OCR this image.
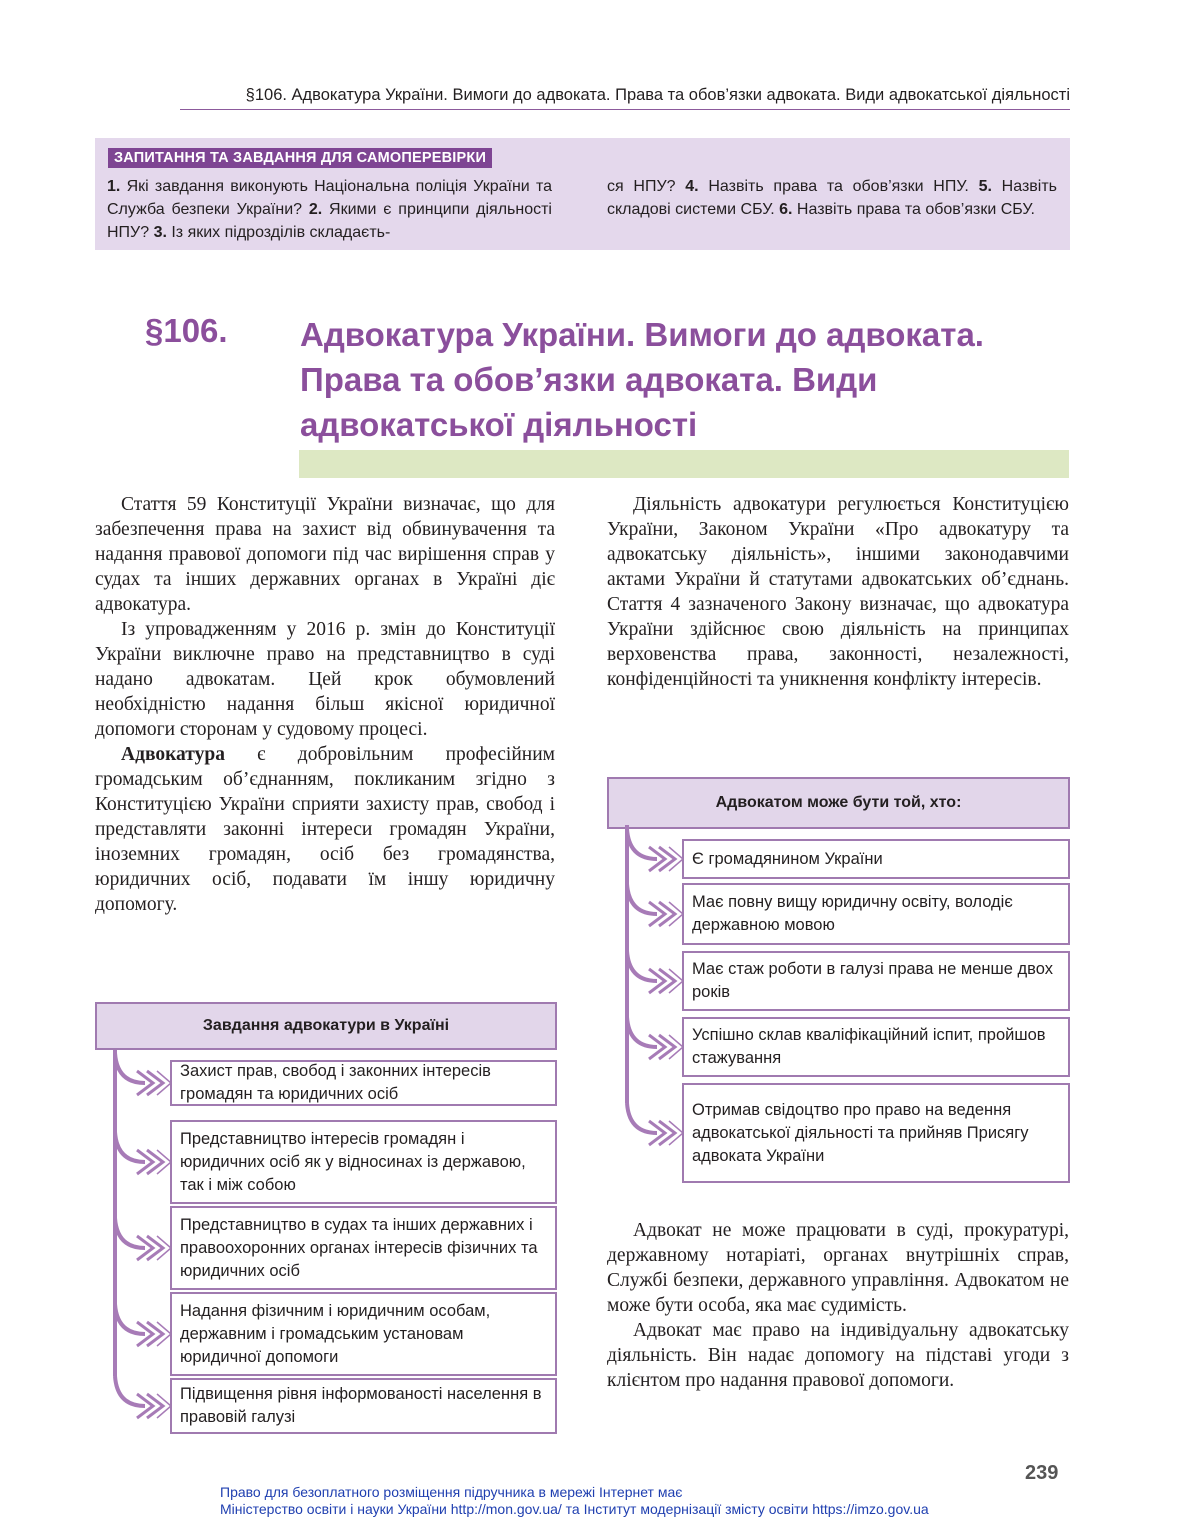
§106. Адвокатура України. Вимоги до адвоката. Права та обов’язки адвоката. Види адвокатської діяльності
ЗАПИТАННЯ ТА ЗАВДАННЯ ДЛЯ САМОПЕРЕВІРКИ
1. Які завдання виконують Національна поліція України та Служба безпеки України? 2. Якими є принципи діяльності НПУ? 3. Із яких підрозділів складаєть-
ся НПУ? 4. Назвіть права та обов’язки НПУ. 5. Назвіть складові системи СБУ. 6. Назвіть права та обов’язки СБУ.
§106. Адвокатура України. Вимоги до адвоката. Права та обов’язки адвоката. Види адвокатської діяльності

Стаття 59 Конституції України визначає, що для забезпечення права на захист від обвинувачення та надання правової допомоги під час вирішення справ у судах та інших державних органах в Україні діє адвокатура.

Із упровадженням у 2016 р. змін до Конституції України виключне право на представництво в суді надано адвокатам. Цей крок обумовлений необхідністю надання більш якісної юридичної допомоги сторонам у судовому процесі.

Адвокатура є добровільним професійним громадським об’єднанням, покликаним згідно з Конституцією України сприяти захисту прав, свобод і представляти законні інтереси громадян України, іноземних громадян, осіб без громадянства, юридичних осіб, подавати їм іншу юридичну допомогу.

Діяльність адвокатури регулюється Конституцією України, Законом України «Про адвокатуру та адвокатську діяльність», іншими законодавчими актами України й статутами адвокатських об’єднань. Стаття 4 зазначеного Закону визначає, що адвокатура України здійснює свою діяльність на принципах верховенства права, законності, незалежності, конфіденційності та уникнення конфлікту інтересів.

Адвокат не може працювати в суді, прокуратурі, державному нотаріаті, органах внутрішніх справ, Службі безпеки, державного управління. Адвокатом не може бути особа, яка має судимість.

Адвокат має право на індивідуальну адвокатську діяльність. Він надає допомогу на підставі угоди з клієнтом про надання правової допомоги.

Завдання адвокатури в Україні
Захист прав, свобод і законних інтересів громадян та юридичних осіб
Представництво інтересів громадян і юридичних осіб як у відносинах із державою, так і між собою
Представництво в судах та інших державних і правоохоронних органах інтересів фізичних та юридичних осіб
Надання фізичним і юридичним особам, державним і громадським установам юридичної допомоги
Підвищення рівня інформованості населення в правовій галузі
Адвокатом може бути той, хто:
Є громадянином України
Має повну вищу юридичну освіту, володіє державною мовою
Має стаж роботи в галузі права не менше двох років
Успішно склав кваліфікаційний іспит, пройшов стажування
Отримав свідоцтво про право на ведення адвокатської діяльності та прийняв Присягу адвоката України
239
Право для безоплатного розміщення підручника в мережі Інтернет має
Міністерство освіти і науки України http://mon.gov.ua/ та Інститут модернізації змісту освіти https://imzo.gov.ua
